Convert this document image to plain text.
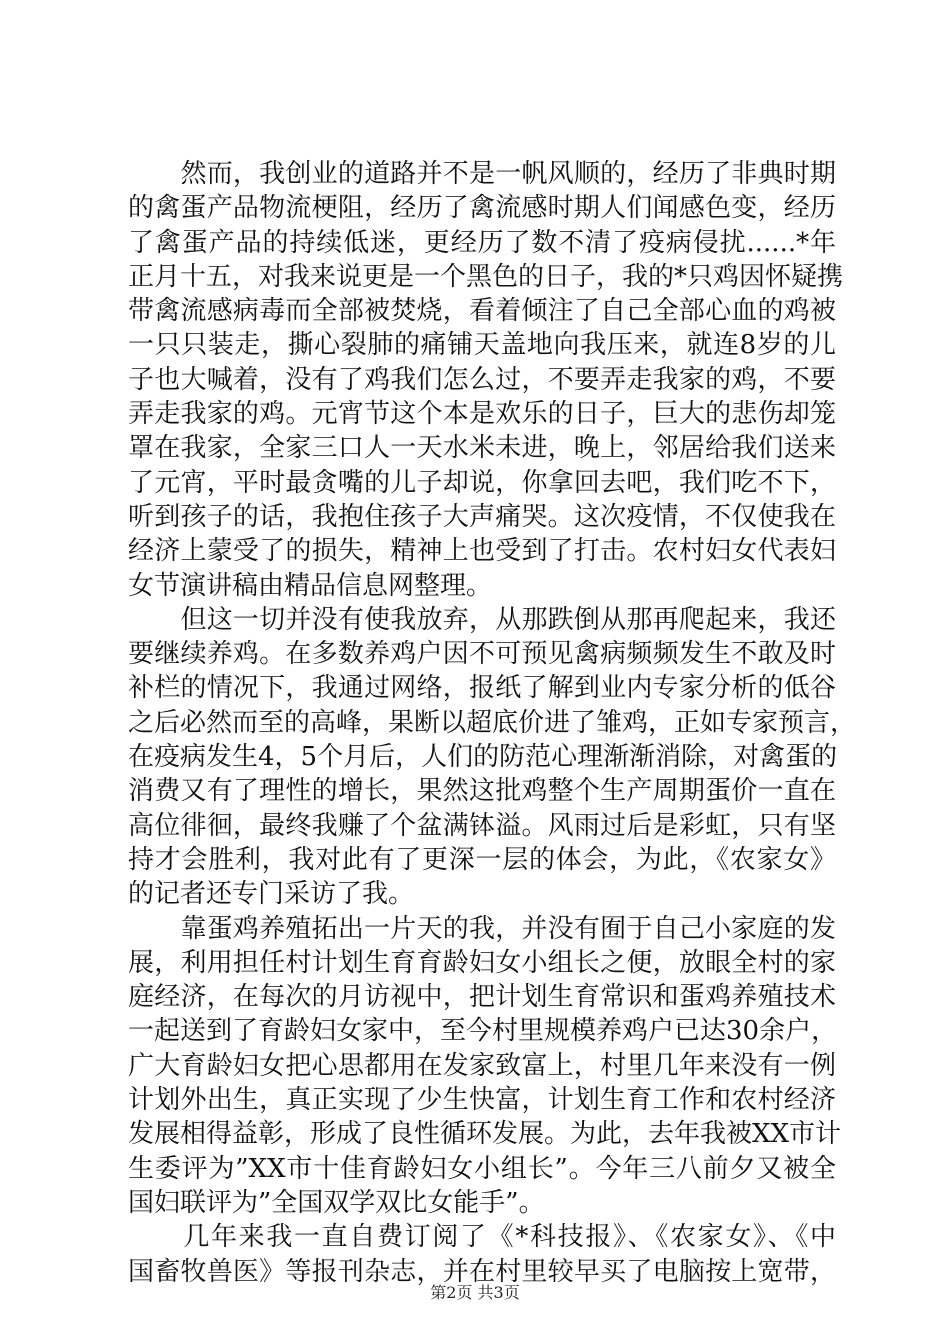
　　然而，我创业的道路并不是一帆风顺的，经历了非典时期
的禽蛋产品物流梗阻，经历了禽流感时期人们闻感色变，经历
了禽蛋产品的持续低迷，更经历了数不清了疫病侵扰......*年
正月十五，对我来说更是一个黑色的日子，我的*只鸡因怀疑携
带禽流感病毒而全部被焚烧，看着倾注了自己全部心血的鸡被
一只只装走，撕心裂肺的痛铺天盖地向我压来，就连8岁的儿
子也大喊着，没有了鸡我们怎么过，不要弄走我家的鸡，不要
弄走我家的鸡。元宵节这个本是欢乐的日子，巨大的悲伤却笼
罩在我家，全家三口人一天水米未进，晚上，邻居给我们送来
了元宵，平时最贪嘴的儿子却说，你拿回去吧，我们吃不下，
听到孩子的话，我抱住孩子大声痛哭。这次疫情，不仅使我在
经济上蒙受了的损失，精神上也受到了打击。农村妇女代表妇
女节演讲稿由精品信息网整理。
　　但这一切并没有使我放弃，从那跌倒从那再爬起来，我还
要继续养鸡。在多数养鸡户因不可预见禽病频频发生不敢及时
补栏的情况下，我通过网络，报纸了解到业内专家分析的低谷
之后必然而至的高峰，果断以超底价进了雏鸡，正如专家预言，
在疫病发生4，5个月后，人们的防范心理渐渐消除，对禽蛋的
消费又有了理性的增长，果然这批鸡整个生产周期蛋价一直在
高位徘徊，最终我赚了个盆满钵溢。风雨过后是彩虹，只有坚
持才会胜利，我对此有了更深一层的体会，为此，《农家女》
的记者还专门采访了我。
　　靠蛋鸡养殖拓出一片天的我，并没有囿于自己小家庭的发
展，利用担任村计划生育育龄妇女小组长之便，放眼全村的家
庭经济，在每次的月访视中，把计划生育常识和蛋鸡养殖技术
一起送到了育龄妇女家中，至今村里规模养鸡户已达30余户，
广大育龄妇女把心思都用在发家致富上，村里几年来没有一例
计划外出生，真正实现了少生快富，计划生育工作和农村经济
发展相得益彰，形成了良性循环发展。为此，去年我被XX市计
生委评为”XX市十佳育龄妇女小组长”。今年三八前夕又被全
国妇联评为”全国双学双比女能手”。
　　几年来我一直自费订阅了《*科技报》、《农家女》、《中
国畜牧兽医》等报刊杂志，并在村里较早买了电脑按上宽带，
第2页 共3页
